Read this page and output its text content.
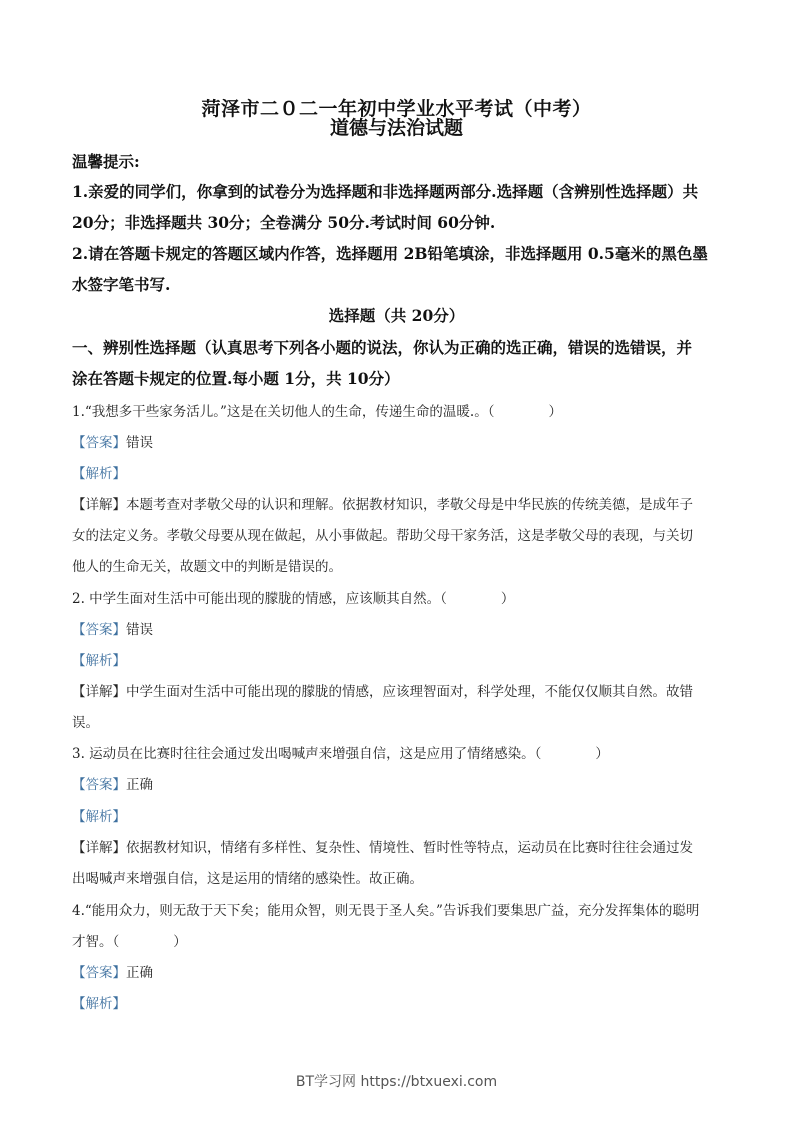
菏泽市二０二一年初中学业水平考试（中考）
道德与法治试题
温馨提示:
1.亲爱的同学们，你拿到的试卷分为选择题和非选择题两部分.选择题（含辨别性选择题）共
20分；非选择题共 30分；全卷满分 50分.考试时间 60分钟.
2.请在答题卡规定的答题区域内作答，选择题用 2B铅笔填涂，非选择题用 0.5毫米的黑色墨
水签字笔书写.
选择题（共 20分）
一、辨别性选择题（认真思考下列各小题的说法，你认为正确的选正确，错误的选错误，并
涂在答题卡规定的位置.每小题 1分，共 10分）
1.“我想多干些家务活儿。”这是在关切他人的生命，传递生命的温暖.。（　　　　）
【答案】错误
【解析】
【详解】本题考查对孝敬父母的认识和理解。依据教材知识，孝敬父母是中华民族的传统美德，是成年子
女的法定义务。孝敬父母要从现在做起，从小事做起。帮助父母干家务活，这是孝敬父母的表现，与关切
他人的生命无关，故题文中的判断是错误的。
2. 中学生面对生活中可能出现的朦胧的情感，应该顺其自然。（　　　　）
【答案】错误
【解析】
【详解】中学生面对生活中可能出现的朦胧的情感，应该理智面对，科学处理，不能仅仅顺其自然。故错
误。
3. 运动员在比赛时往往会通过发出喝喊声来增强自信，这是应用了情绪感染。（　　　　）
【答案】正确
【解析】
【详解】依据教材知识，情绪有多样性、复杂性、情境性、暂时性等特点，运动员在比赛时往往会通过发
出喝喊声来增强自信，这是运用的情绪的感染性。故正确。
4.“能用众力，则无敌于天下矣；能用众智，则无畏于圣人矣。”告诉我们要集思广益，充分发挥集体的聪明
才智。（　　　　）
【答案】正确
【解析】
BT学习网 https://btxuexi.com
